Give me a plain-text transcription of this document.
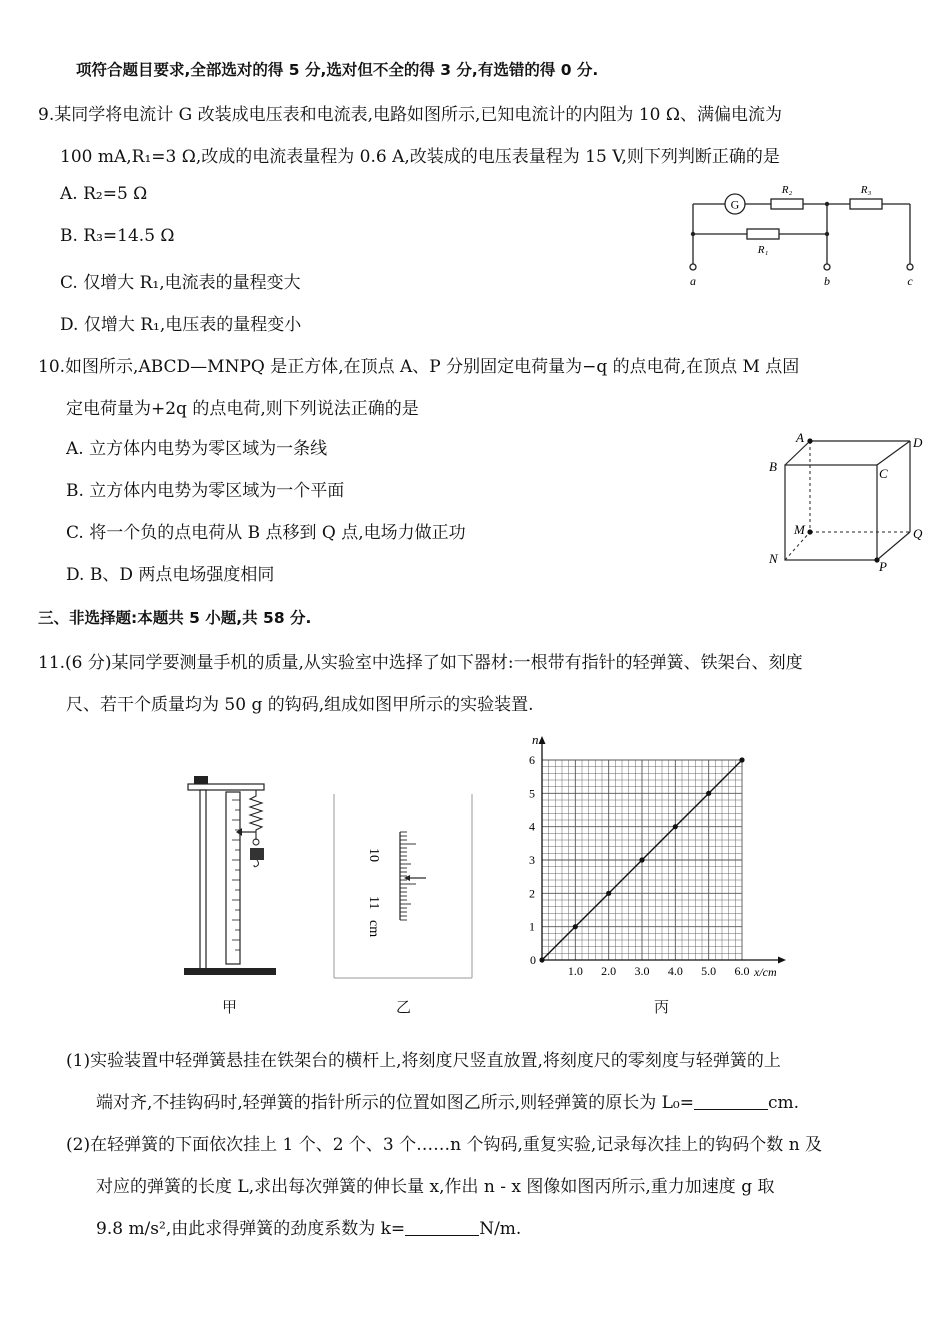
项符合题目要求,全部选对的得 5 分,选对但不全的得 3 分,有选错的得 0 分.
9.某同学将电流计 G 改装成电压表和电流表,电路如图所示,已知电流计的内阻为 10 Ω、满偏电流为
100 mA,R₁=3 Ω,改成的电流表量程为 0.6 A,改装成的电压表量程为 15 V,则下列判断正确的是
A. R₂=5 Ω
B. R₃=14.5 Ω
C. 仅增大 R₁,电流表的量程变大
D. 仅增大 R₁,电压表的量程变小
G
R₂	R₃
R₁
a	b	c
10.如图所示,ABCD—MNPQ 是正方体,在顶点 A、P 分别固定电荷量为−q 的点电荷,在顶点 M 点固
定电荷量为+2q 的点电荷,则下列说法正确的是
A. 立方体内电势为零区域为一条线
B. 立方体内电势为零区域为一个平面
C. 将一个负的点电荷从 B 点移到 Q 点,电场力做正功
D. B、D 两点电场强度相同
A	D
B	C
M	Q
N
P
三、非选择题:本题共 5 小题,共 58 分.
11.(6 分)某同学要测量手机的质量,从实验室中选择了如下器材:一根带有指针的轻弹簧、铁架台、刻度
尺、若干个质量均为 50 g 的钩码,组成如图甲所示的实验装置.
甲
10
11
cm
乙
1.0 2.0 3.0 4.0 5.0 6.0
1
2
3
4
5
6
n
x/cm
0
丙
(1)实验装置中轻弹簧悬挂在铁架台的横杆上,将刻度尺竖直放置,将刻度尺的零刻度与轻弹簧的上
端对齐,不挂钩码时,轻弹簧的指针所示的位置如图乙所示,则轻弹簧的原长为 L₀=	cm.
(2)在轻弹簧的下面依次挂上 1 个、2 个、3 个……n 个钩码,重复实验,记录每次挂上的钩码个数 n 及
对应的弹簧的长度 L,求出每次弹簧的伸长量 x,作出 n - x 图像如图丙所示,重力加速度 g 取
9.8 m/s²,由此求得弹簧的劲度系数为 k=	N/m.
